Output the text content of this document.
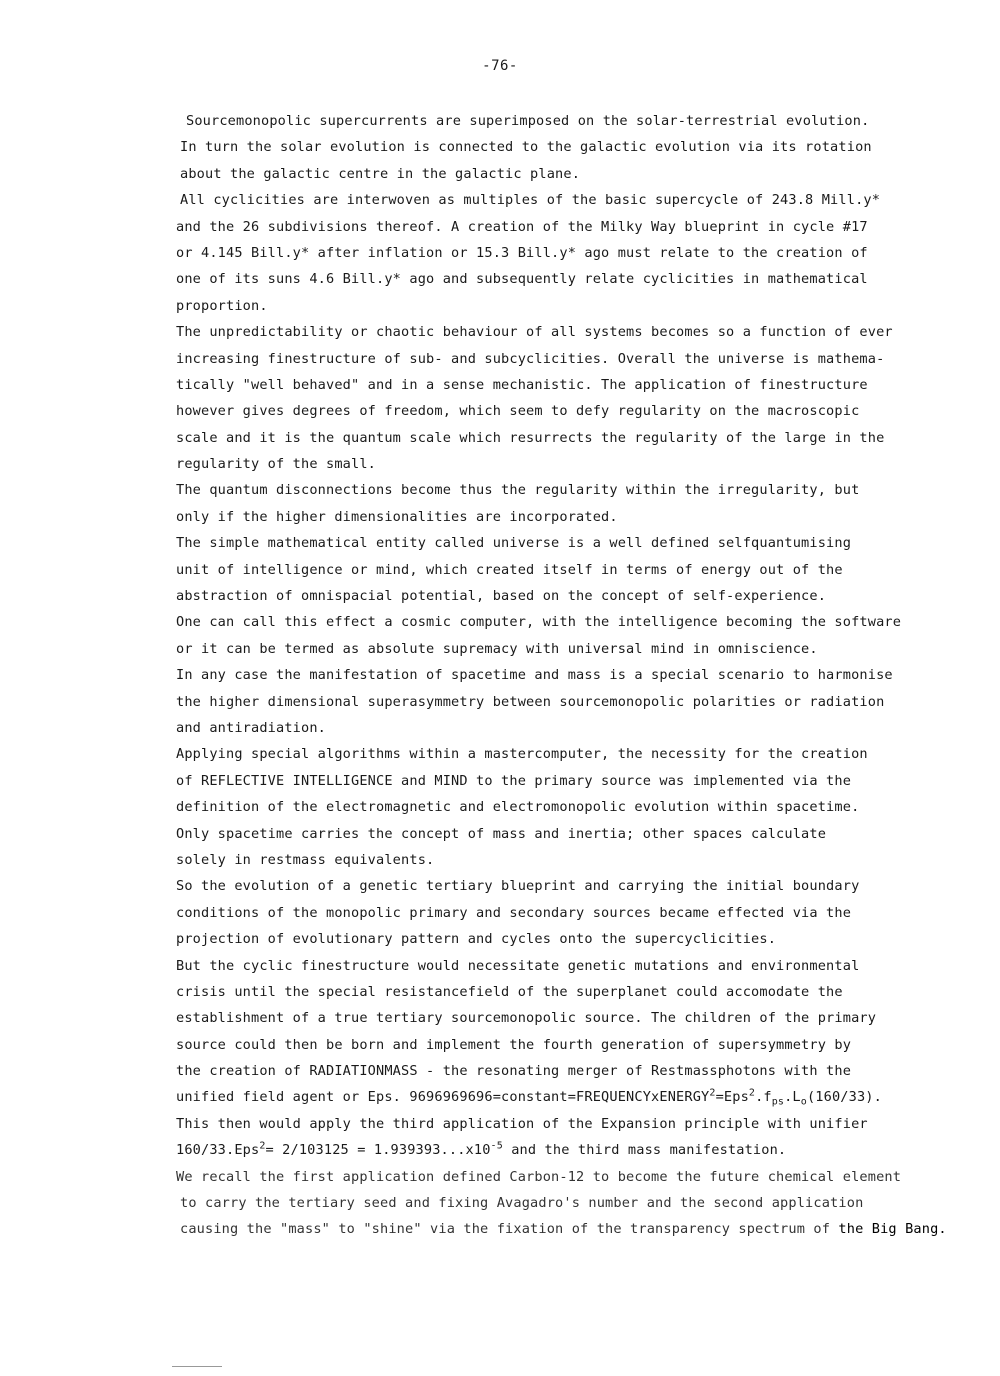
-76-
Sourcemonopolic supercurrents are superimposed on the solar-terrestrial evolution.
In turn the solar evolution is connected to the galactic evolution via its rotation
about the galactic centre in the galactic plane.
All cyclicities are interwoven as multiples of the basic supercycle of 243.8 Mill.y*
and the 26 subdivisions thereof. A creation of the Milky Way blueprint in cycle #17
or 4.145 Bill.y* after inflation or 15.3 Bill.y* ago must relate to the creation of
one of its suns 4.6 Bill.y* ago and subsequently relate cyclicities in mathematical
proportion.
The unpredictability or chaotic behaviour of all systems becomes so a function of ever
increasing finestructure of sub- and subcyclicities. Overall the universe is mathema-
tically "well behaved" and in a sense mechanistic. The application of finestructure
however gives degrees of freedom, which seem to defy regularity on the macroscopic
scale and it is the quantum scale which resurrects the regularity of the large in the
regularity of the small.
The quantum disconnections become thus the regularity within the irregularity, but
only if the higher dimensionalities are incorporated.
The simple mathematical entity called universe is a well defined selfquantumising
unit of intelligence or mind, which created itself in terms of energy out of the
abstraction of omnispacial potential, based on the concept of self-experience.
One can call this effect a cosmic computer, with the intelligence becoming the software
or it can be termed as absolute supremacy with universal mind in omniscience.
In any case the manifestation of spacetime and mass is a special scenario to harmonise
the higher dimensional superasymmetry between sourcemonopolic polarities or radiation
and antiradiation.
Applying special algorithms within a mastercomputer, the necessity for the creation
of REFLECTIVE INTELLIGENCE and MIND to the primary source was implemented via the
definition of the electromagnetic and electromonopolic evolution within spacetime.
Only spacetime carries the concept of mass and inertia; other spaces calculate
solely in restmass equivalents.
So the evolution of a genetic tertiary blueprint and carrying the initial boundary
conditions of the monopolic primary and secondary sources became effected via the
projection of evolutionary pattern and cycles onto the supercyclicities.
But the cyclic finestructure would necessitate genetic mutations and environmental
crisis until the special resistancefield of the superplanet could accomodate the
establishment of a true tertiary sourcemonopolic source. The children of the primary
source could then be born and implement the fourth generation of supersymmetry by
the creation of RADIATIONMASS - the resonating merger of Restmassphotons with the
unified field agent or Eps. $9696969696=constant=FREQUENCYxENERGY^2=Eps^2.f_{ps}.L_o(160/33)$.
This then would apply the third application of the Expansion principle with unifier
$160/33.Eps^2= 2/103125 = 1.939393...x10^{-5}$ and the third mass manifestation.
We recall the first application defined Carbon-12 to become the future chemical element
to carry the tertiary seed and fixing Avagadro's number and the second application
causing the "mass" to "shine" via the fixation of the transparency spectrum of the Big Bang.
